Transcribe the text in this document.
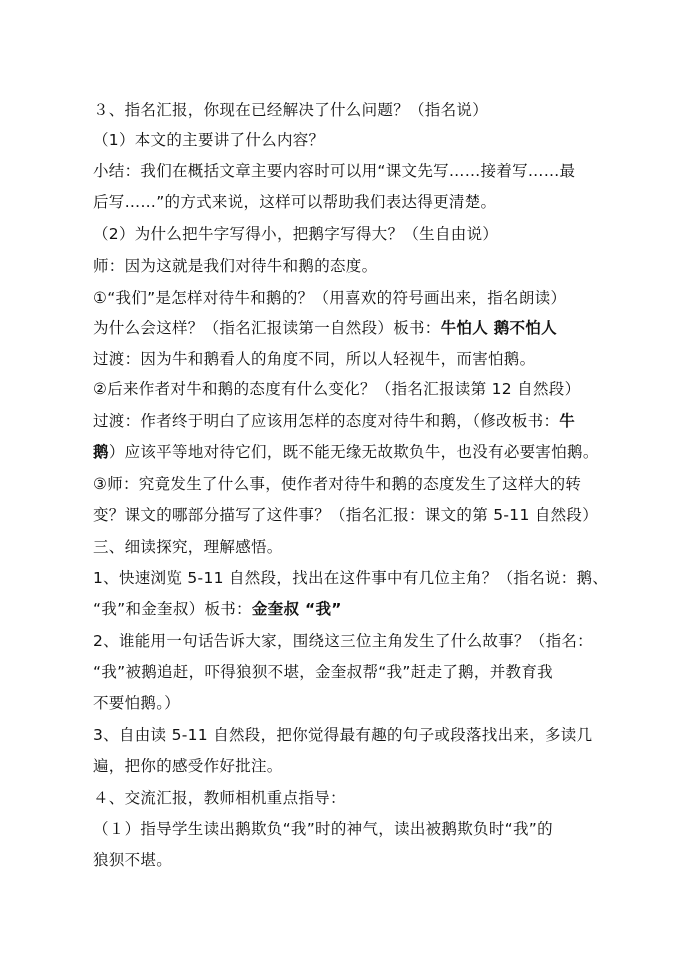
３、指名汇报，你现在已经解决了什么问题？（指名说）
（1）本文的主要讲了什么内容？
小结：我们在概括文章主要内容时可以用“课文先写……接着写……最
后写……”的方式来说，这样可以帮助我们表达得更清楚。
（2）为什么把牛字写得小，把鹅字写得大？（生自由说）
师：因为这就是我们对待牛和鹅的态度。
①“我们”是怎样对待牛和鹅的？（用喜欢的符号画出来，指名朗读）
为什么会这样？（指名汇报读第一自然段）板书：牛怕人 鹅不怕人
过渡：因为牛和鹅看人的角度不同，所以人轻视牛，而害怕鹅。
②后来作者对牛和鹅的态度有什么变化？（指名汇报读第 12 自然段）
过渡：作者终于明白了应该用怎样的态度对待牛和鹅，（修改板书：牛
鹅）应该平等地对待它们，既不能无缘无故欺负牛，也没有必要害怕鹅。
③师：究竟发生了什么事，使作者对待牛和鹅的态度发生了这样大的转
变？课文的哪部分描写了这件事？（指名汇报：课文的第 5-11 自然段）
三、细读探究，理解感悟。
1、快速浏览 5-11 自然段，找出在这件事中有几位主角？（指名说：鹅、
“我”和金奎叔）板书：金奎叔 “我”
2、谁能用一句话告诉大家，围绕这三位主角发生了什么故事？（指名：
“我”被鹅追赶，吓得狼狈不堪，金奎叔帮“我”赶走了鹅，并教育我
不要怕鹅。）
3、自由读 5-11 自然段，把你觉得最有趣的句子或段落找出来，多读几
遍，把你的感受作好批注。
４、交流汇报，教师相机重点指导：
（１）指导学生读出鹅欺负“我”时的神气，读出被鹅欺负时“我”的
狼狈不堪。
